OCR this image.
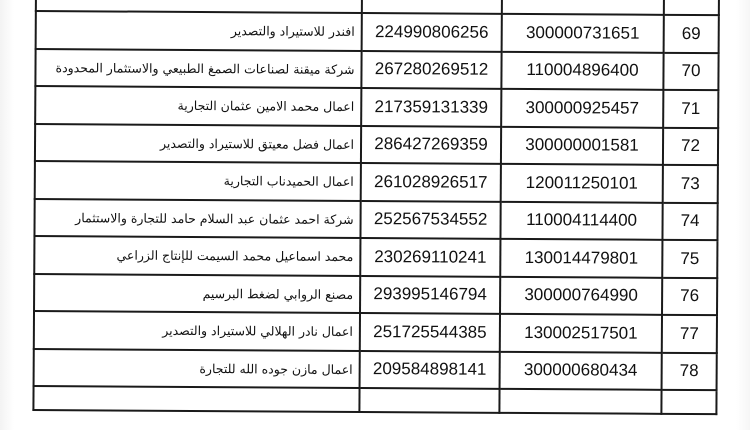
افندر للاستيراد والتصدير	224990806256	300000731651	69
شركة ميقنة لصناعات الصمغ الطبيعي والاستثمار المحدودة	267280269512	110004896400	70
اعمال محمد الامين عثمان التجارية	217359131339	300000925457	71
اعمال فضل معيتق للاستيراد والتصدير	286427269359	300000001581	72
اعمال الحميدناب التجارية	261028926517	120011250101	73
شركة احمد عثمان عبد السلام حامد للتجارة والاستثمار	252567534552	110004114400	74
محمد اسماعيل محمد السيمت للإنتاج الزراعي	230269110241	130014479801	75
مصنع الروابي لضغط البرسيم	293995146794	300000764990	76
اعمال نادر الهلالي للاستيراد والتصدير	251725544385	130002517501	77
اعمال مازن جوده الله للتجارة	209584898141	300000680434	78
